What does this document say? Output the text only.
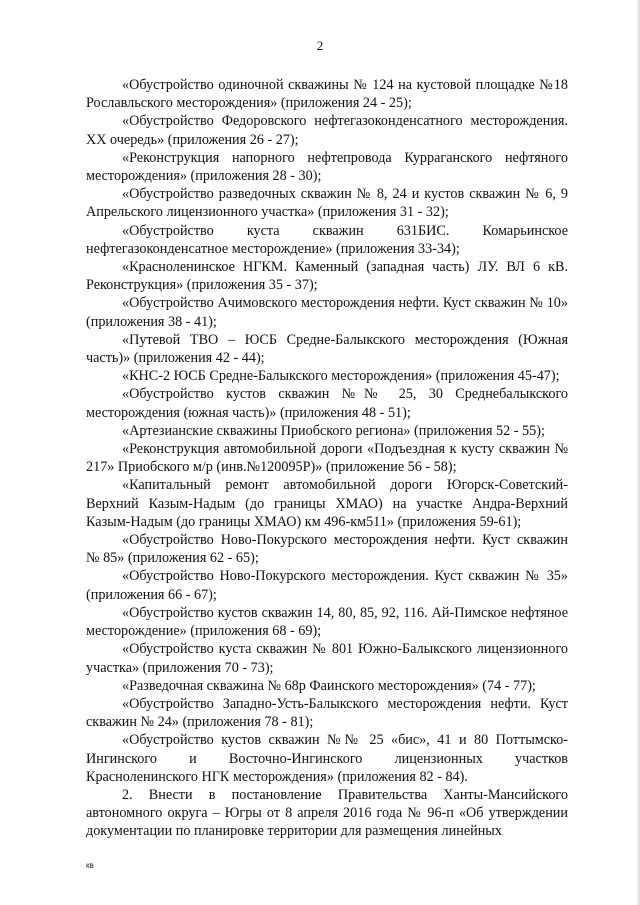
2

«Обустройство одиночной скважины № 124 на кустовой площадке №18 Рославльского месторождения» (приложения 24 - 25);

«Обустройство Федоровского нефтегазоконденсатного месторождения. XX очередь» (приложения 26 - 27);

«Реконструкция напорного нефтепровода Курраганского нефтяного месторождения» (приложения 28 - 30);

«Обустройство разведочных скважин № 8, 24 и кустов скважин № 6, 9 Апрельского лицензионного участка» (приложения 31 - 32);

«Обустройство куста скважин 631БИС. Комарьинское нефтегазоконденсатное месторождение» (приложения 33-34);

«Красноленинское НГКМ. Каменный (западная часть) ЛУ. ВЛ 6 кВ. Реконструкция» (приложения 35 - 37);

«Обустройство Ачимовского месторождения нефти. Куст скважин № 10» (приложения 38 - 41);

«Путевой ТВО – ЮСБ Средне-Балыкского месторождения (Южная часть)» (приложения 42 - 44);

«КНС-2 ЮСБ Средне-Балыкского месторождения» (приложения 45-47);

«Обустройство кустов скважин №№ 25, 30 Среднебалыкского месторождения (южная часть)» (приложения 48 - 51);

«Артезианские скважины Приобского региона» (приложения 52 - 55);

«Реконструкция автомобильной дороги «Подъездная к кусту скважин № 217» Приобского м/р (инв.№120095Р)» (приложение 56 - 58);

«Капитальный ремонт автомобильной дороги Югорск-Советский-Верхний Казым-Надым (до границы ХМАО) на участке Андра-Верхний Казым-Надым (до границы ХМАО) км 496-км511» (приложения 59-61);

«Обустройство Ново-Покурского месторождения нефти. Куст скважин № 85» (приложения 62 - 65);

«Обустройство Ново-Покурского месторождения. Куст скважин № 35» (приложения 66 - 67);

«Обустройство кустов скважин 14, 80, 85, 92, 116. Ай-Пимское нефтяное месторождение» (приложения 68 - 69);

«Обустройство куста скважин № 801 Южно-Балыкского лицензионного участка» (приложения 70 - 73);

«Разведочная скважина № 68р Фаинского месторождения» (74 - 77);

«Обустройство Западно-Усть-Балыкского месторождения нефти. Куст скважин № 24» (приложения 78 - 81);

«Обустройство кустов скважин №№ 25 «бис», 41 и 80 Поттымско-Ингинского и Восточно-Ингинского лицензионных участков Красноленинского НГК месторождения» (приложения 82 - 84).

2. Внести в постановление Правительства Ханты-Мансийского автономного округа – Югры от 8 апреля 2016 года № 96-п «Об утверждении документации по планировке территории для размещения линейных

кв
